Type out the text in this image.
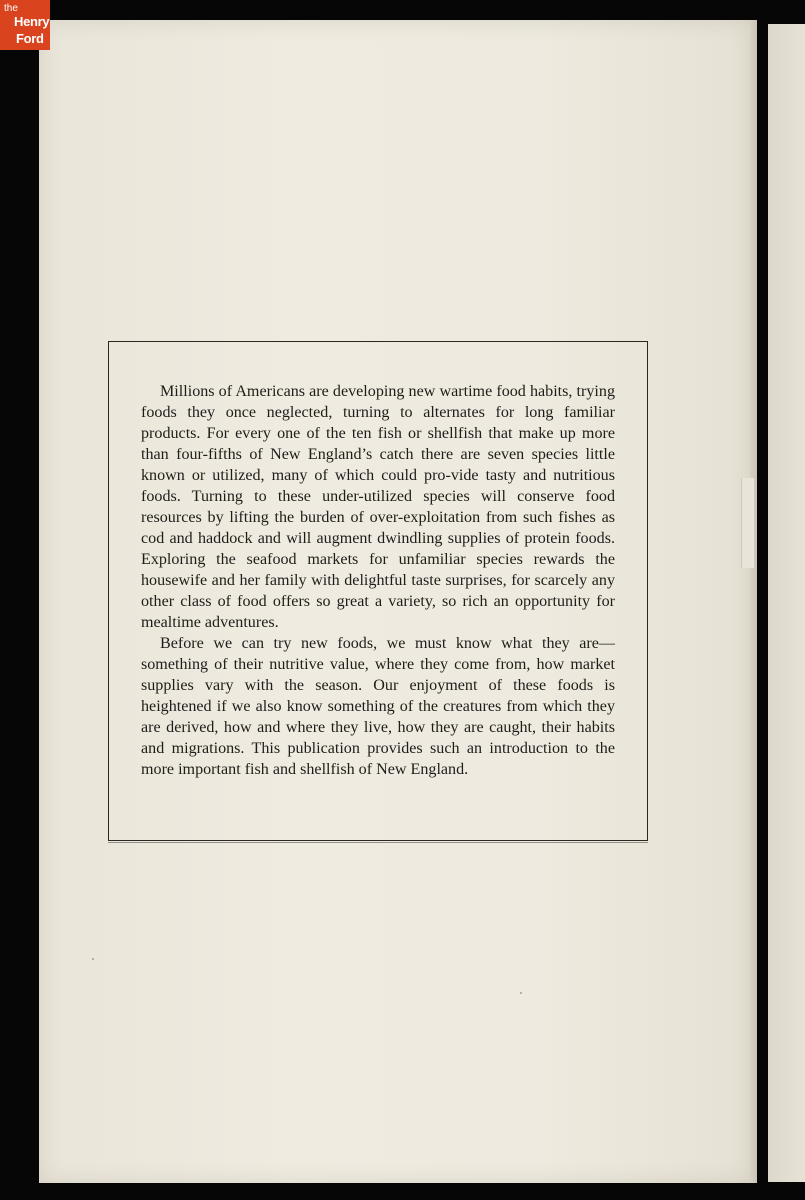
Millions of Americans are developing new wartime food habits, trying foods they once neglected, turning to alternates for long familiar products. For every one of the ten fish or shellfish that make up more than four-fifths of New England’s catch there are seven species little known or utilized, many of which could pro-vide tasty and nutritious foods. Turning to these under-utilized species will conserve food resources by lifting the burden of over-exploitation from such fishes as cod and haddock and will augment dwindling supplies of protein foods. Exploring the seafood markets for unfamiliar species rewards the housewife and her family with delightful taste surprises, for scarcely any other class of food offers so great a variety, so rich an opportunity for mealtime adventures.

Before we can try new foods, we must know what they are—something of their nutritive value, where they come from, how market supplies vary with the season. Our enjoyment of these foods is heightened if we also know something of the creatures from which they are derived, how and where they live, how they are caught, their habits and migrations. This publication provides such an introduction to the more important fish and shellfish of New England.

the
Henry
Ford
